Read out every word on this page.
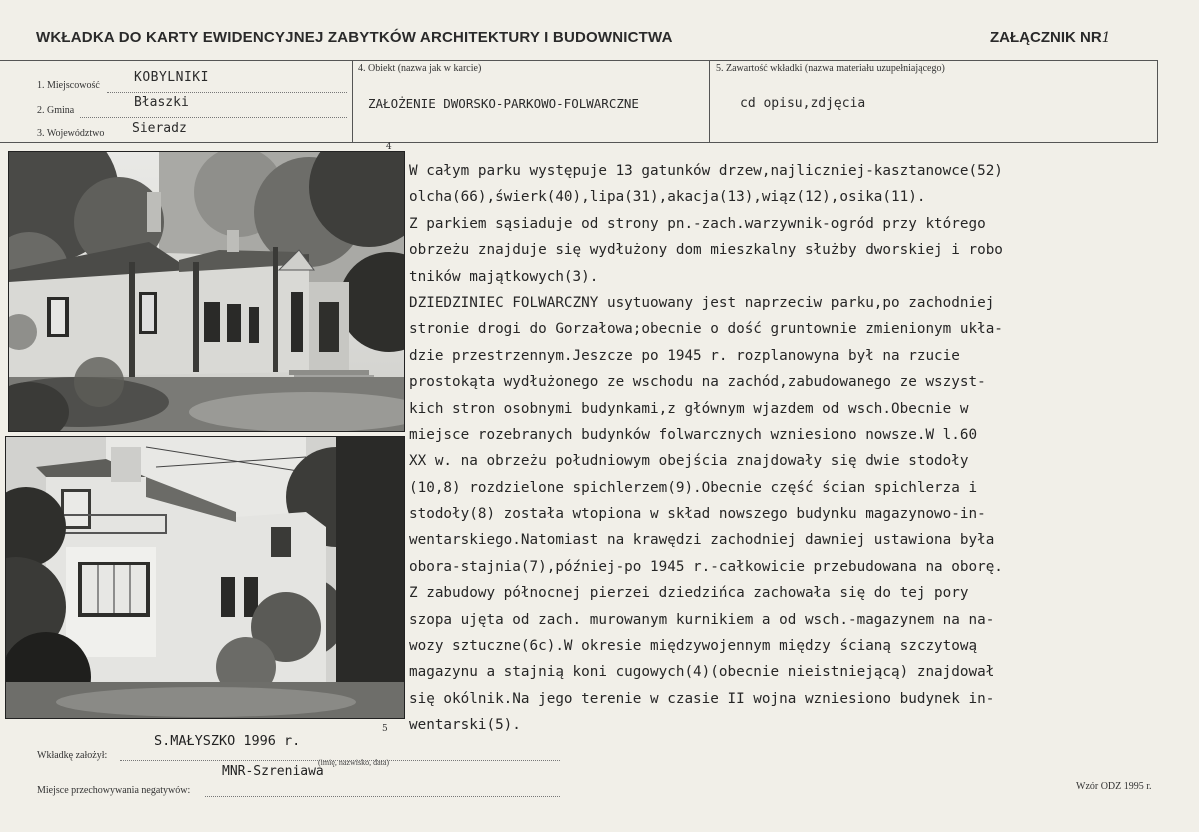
WKŁADKA DO KARTY EWIDENCYJNEJ ZABYTKÓW ARCHITEKTURY I BUDOWNICTWA	ZAŁĄCZNIK NR1
1. Miejscowość
KOBYLNIKI
2. Gmina
Błaszki
3. Województwo Sieradz
4. Obiekt (nazwa jak w karcie)
ZAŁOŻENIE DWORSKO-PARKOWO-FOLWARCZNE
5. Zawartość wkładki (nazwa materiału uzupełniającego)
cd opisu,zdjęcia
4
5
W całym parku występuje 13 gatunków drzew,najliczniej-kasztanowce(52)
olcha(66),świerk(40),lipa(31),akacja(13),wiąz(12),osika(11).
Z parkiem sąsiaduje od strony pn.-zach.warzywnik-ogród przy którego
obrzeżu znajduje się wydłużony dom mieszkalny służby dworskiej i robo
tników majątkowych(3).
DZIEDZINIEC FOLWARCZNY usytuowany jest naprzeciw parku,po zachodniej
stronie drogi do Gorzałowa;obecnie o dość gruntownie zmienionym ukła-
dzie przestrzennym.Jeszcze po 1945 r. rozplanowyna był na rzucie
prostokąta wydłużonego ze wschodu na zachód,zabudowanego ze wszyst-
kich stron osobnymi budynkami,z głównym wjazdem od wsch.Obecnie w
miejsce rozebranych budynków folwarcznych wzniesiono nowsze.W l.60
XX w. na obrzeżu południowym obejścia znajdowały się dwie stodoły
(10,8) rozdzielone spichlerzem(9).Obecnie część ścian spichlerza i
stodoły(8) została wtopiona w skład nowszego budynku magazynowo-in-
wentarskiego.Natomiast na krawędzi zachodniej dawniej ustawiona była
obora-stajnia(7),później-po 1945 r.-całkowicie przebudowana na oborę.
Z zabudowy północnej pierzei dziedzińca zachowała się do tej pory
szopa ujęta od zach. murowanym kurnikiem a od wsch.-magazynem na na-
wozy sztuczne(6c).W okresie międzywojennym między ścianą szczytową
magazynu a stajnią koni cugowych(4)(obecnie nieistniejącą) znajdował
się okólnik.Na jego terenie w czasie II wojna wzniesiono budynek in-
wentarski(5).
S.MAŁYSZKO 1996 r.
Wkładkę założył:
(imię, nazwisko, data)
MNR-Szreniawa
Miejsce przechowywania negatywów:	Wzór ODZ 1995 r.
